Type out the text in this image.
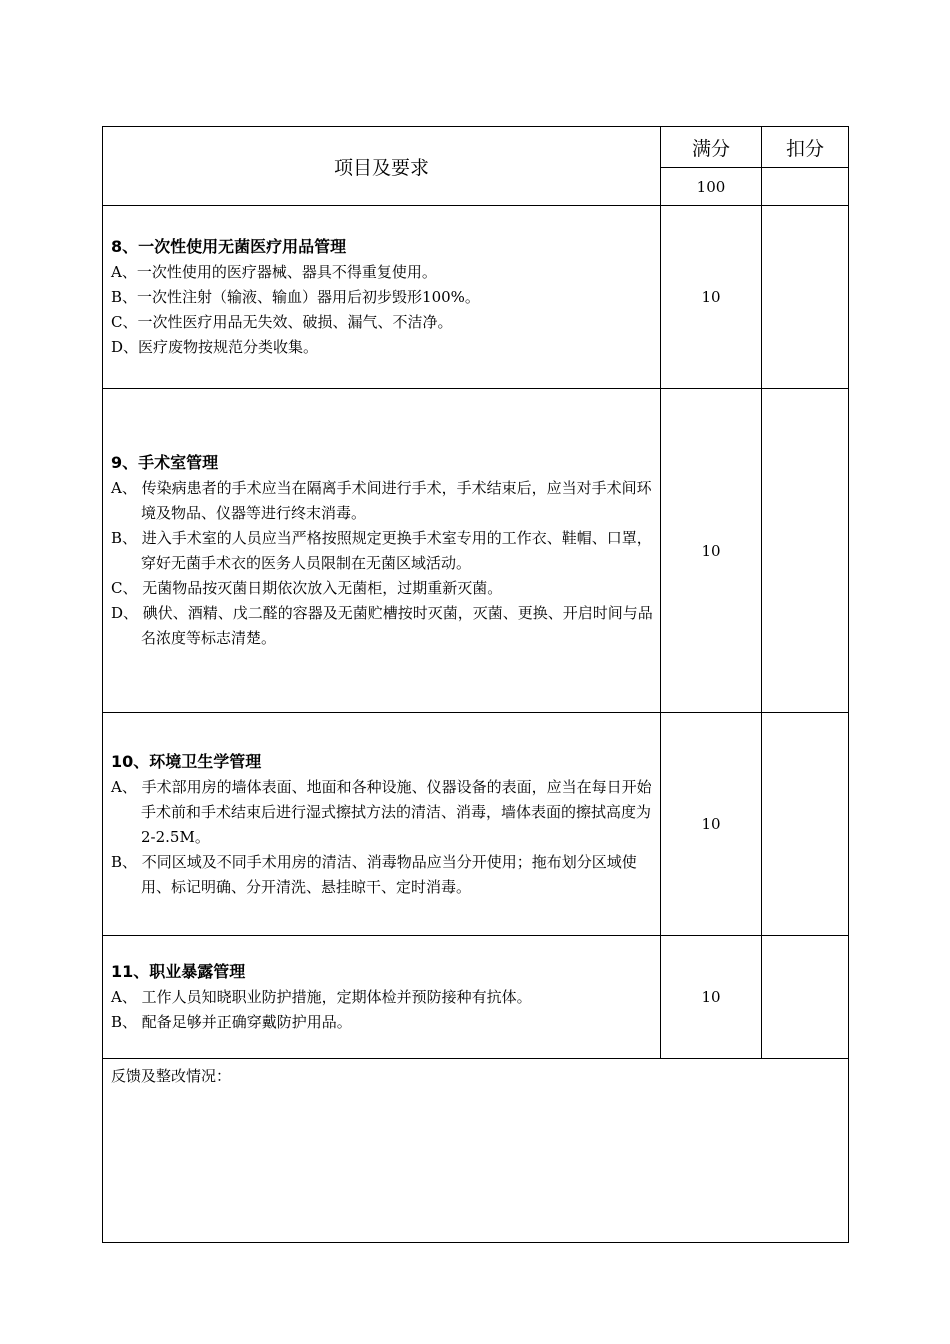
项目及要求	满分	扣分
	100	

8、一次性使用无菌医疗用品管理
A、一次性使用的医疗器械、器具不得重复使用。
B、一次性注射（输液、输血）器用后初步毁形100%。
C、一次性医疗用品无失效、破损、漏气、不洁净。
D、医疗废物按规范分类收集。	10	

9、手术室管理
A、 传染病患者的手术应当在隔离手术间进行手术，手术结束后，应当对手术间环境及物品、仪器等进行终末消毒。
B、 进入手术室的人员应当严格按照规定更换手术室专用的工作衣、鞋帽、口罩，穿好无菌手术衣的医务人员限制在无菌区域活动。
C、 无菌物品按灭菌日期依次放入无菌柜，过期重新灭菌。
D、 碘伏、酒精、戊二醛的容器及无菌贮槽按时灭菌，灭菌、更换、开启时间与品名浓度等标志清楚。	10	

10、环境卫生学管理
A、 手术部用房的墙体表面、地面和各种设施、仪器设备的表面，应当在每日开始手术前和手术结束后进行湿式擦拭方法的清洁、消毒，墙体表面的擦拭高度为2-2.5M。
B、 不同区域及不同手术用房的清洁、消毒物品应当分开使用；拖布划分区域使用、标记明确、分开清洗、悬挂晾干、定时消毒。	10	

11、职业暴露管理
A、 工作人员知晓职业防护措施，定期体检并预防接种有抗体。
B、 配备足够并正确穿戴防护用品。	10	
反馈及整改情况：		
